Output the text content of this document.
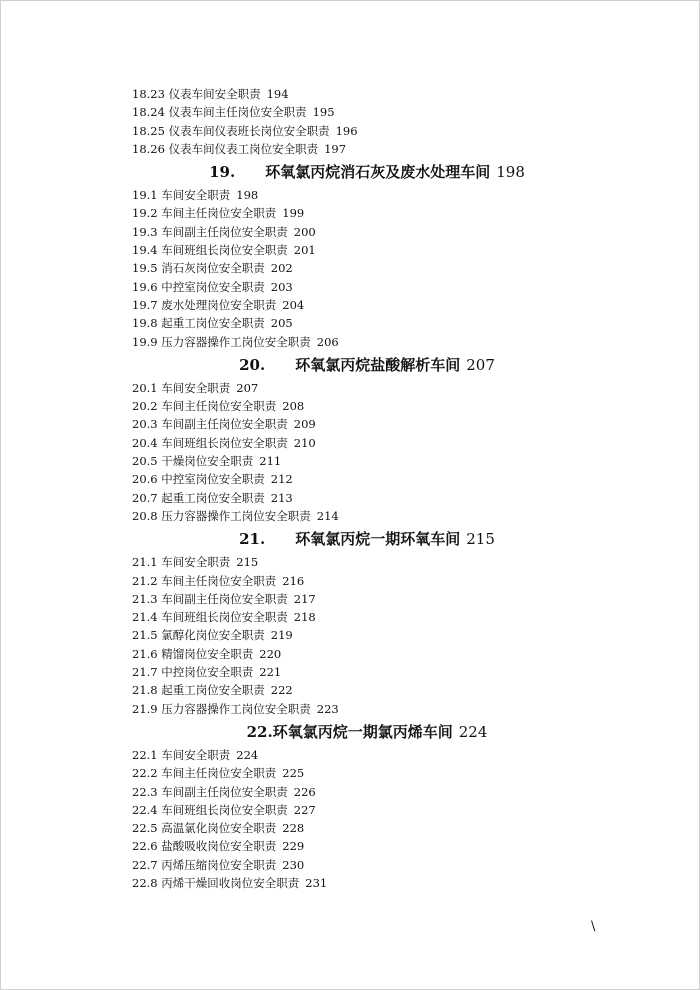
18.23 仪表车间安全职责 194
18.24 仪表车间主任岗位安全职责 195
18.25 仪表车间仪表班长岗位安全职责 196
18.26 仪表车间仪表工岗位安全职责 197
19.　　环氧氯丙烷消石灰及废水处理车间 198
19.1 车间安全职责 198
19.2 车间主任岗位安全职责 199
19.3 车间副主任岗位安全职责 200
19.4 车间班组长岗位安全职责 201
19.5 消石灰岗位安全职责 202
19.6 中控室岗位安全职责 203
19.7 废水处理岗位安全职责 204
19.8 起重工岗位安全职责 205
19.9 压力容器操作工岗位安全职责 206
20.　　环氧氯丙烷盐酸解析车间 207
20.1 车间安全职责 207
20.2 车间主任岗位安全职责 208
20.3 车间副主任岗位安全职责 209
20.4 车间班组长岗位安全职责 210
20.5 干燥岗位安全职责 211
20.6 中控室岗位安全职责 212
20.7 起重工岗位安全职责 213
20.8 压力容器操作工岗位安全职责 214
21.　　环氧氯丙烷一期环氧车间 215
21.1 车间安全职责 215
21.2 车间主任岗位安全职责 216
21.3 车间副主任岗位安全职责 217
21.4 车间班组长岗位安全职责 218
21.5 氯醇化岗位安全职责 219
21.6 精馏岗位安全职责 220
21.7 中控岗位安全职责 221
21.8 起重工岗位安全职责 222
21.9 压力容器操作工岗位安全职责 223
22.环氧氯丙烷一期氯丙烯车间 224
22.1 车间安全职责 224
22.2 车间主任岗位安全职责 225
22.3 车间副主任岗位安全职责 226
22.4 车间班组长岗位安全职责 227
22.5 高温氯化岗位安全职责 228
22.6 盐酸吸收岗位安全职责 229
22.7 丙烯压缩岗位安全职责 230
22.8 丙烯干燥回收岗位安全职责 231
\
